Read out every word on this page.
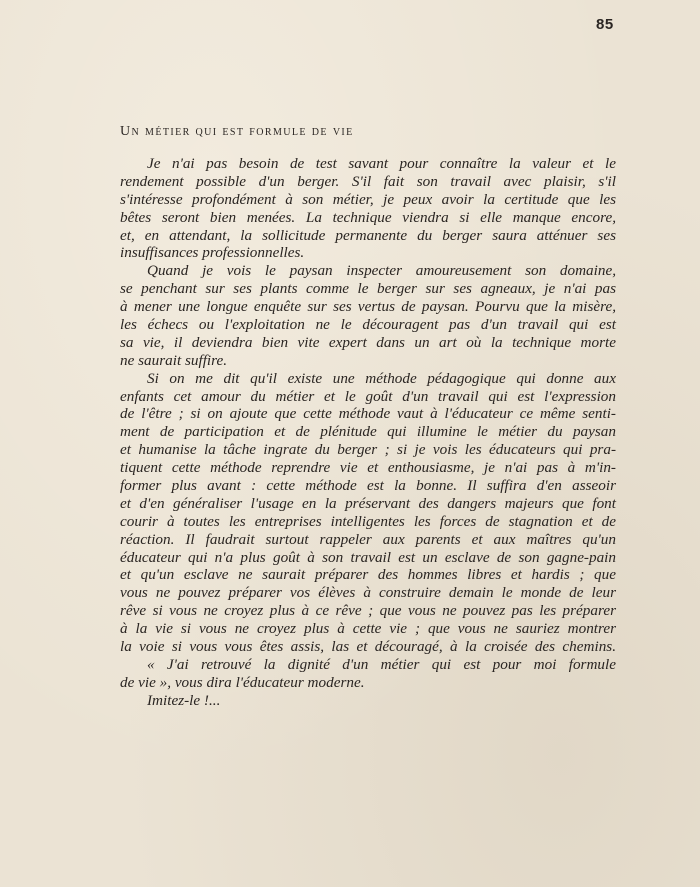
85
Un métier qui est formule de vie
Je n'ai pas besoin de test savant pour connaître la valeur et le
rendement possible d'un berger. S'il fait son travail avec plaisir, s'il
s'intéresse profondément à son métier, je peux avoir la certitude que les
bêtes seront bien menées. La technique viendra si elle manque encore,
et, en attendant, la sollicitude permanente du berger saura atténuer ses
insuffisances professionnelles.
Quand je vois le paysan inspecter amoureusement son domaine,
se penchant sur ses plants comme le berger sur ses agneaux, je n'ai pas
à mener une longue enquête sur ses vertus de paysan. Pourvu que la misère,
les échecs ou l'exploitation ne le découragent pas d'un travail qui est
sa vie, il deviendra bien vite expert dans un art où la technique morte
ne saurait suffire.
Si on me dit qu'il existe une méthode pédagogique qui donne aux
enfants cet amour du métier et le goût d'un travail qui est l'expression
de l'être ; si on ajoute que cette méthode vaut à l'éducateur ce même senti-
ment de participation et de plénitude qui illumine le métier du paysan
et humanise la tâche ingrate du berger ; si je vois les éducateurs qui pra-
tiquent cette méthode reprendre vie et enthousiasme, je n'ai pas à m'in-
former plus avant : cette méthode est la bonne. Il suffira d'en asseoir
et d'en généraliser l'usage en la préservant des dangers majeurs que font
courir à toutes les entreprises intelligentes les forces de stagnation et de
réaction. Il faudrait surtout rappeler aux parents et aux maîtres qu'un
éducateur qui n'a plus goût à son travail est un esclave de son gagne-pain
et qu'un esclave ne saurait préparer des hommes libres et hardis ; que
vous ne pouvez préparer vos élèves à construire demain le monde de leur
rêve si vous ne croyez plus à ce rêve ; que vous ne pouvez pas les préparer
à la vie si vous ne croyez plus à cette vie ; que vous ne sauriez montrer
la voie si vous vous êtes assis, las et découragé, à la croisée des chemins.
« J'ai retrouvé la dignité d'un métier qui est pour moi formule
de vie », vous dira l'éducateur moderne.
Imitez-le !...
